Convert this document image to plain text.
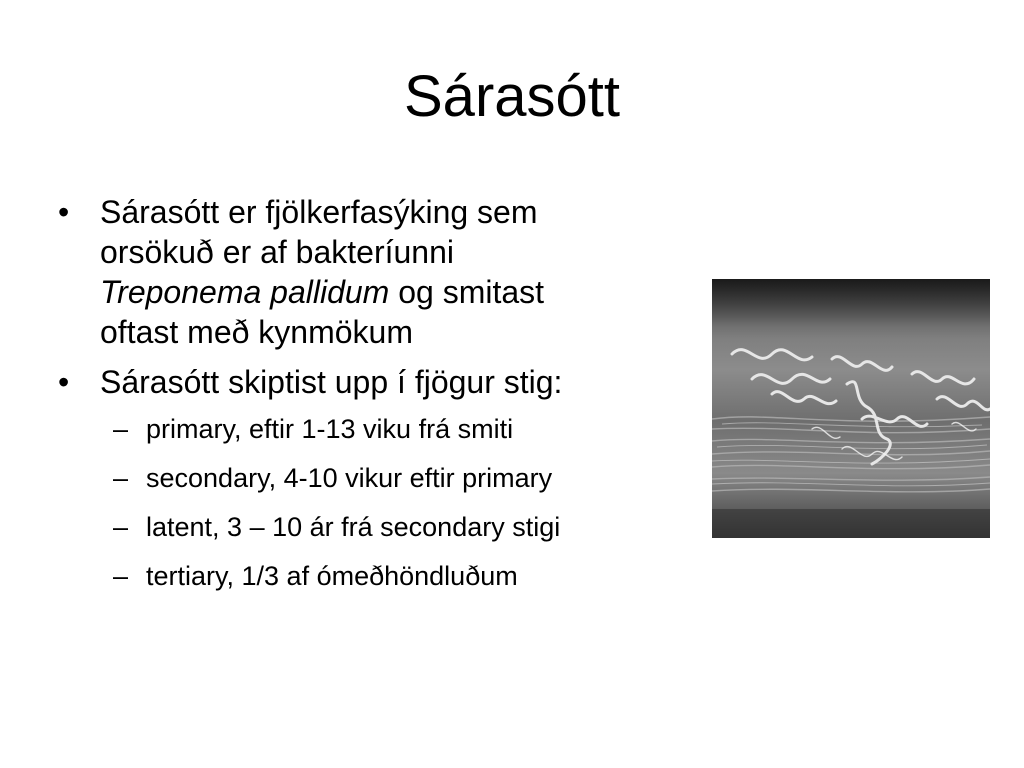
Sárasótt
• Sárasótt er fjölkerfasýking sem
orsökuð er af bakteríunni
Treponema pallidum og smitast
oftast með kynmökum
• Sárasótt skiptist upp í fjögur stig:
– primary, eftir 1-13 viku frá smiti
– secondary, 4-10 vikur eftir primary
– latent, 3 – 10 ár frá secondary stigi
– tertiary, 1/3 af ómeðhöndluðum
